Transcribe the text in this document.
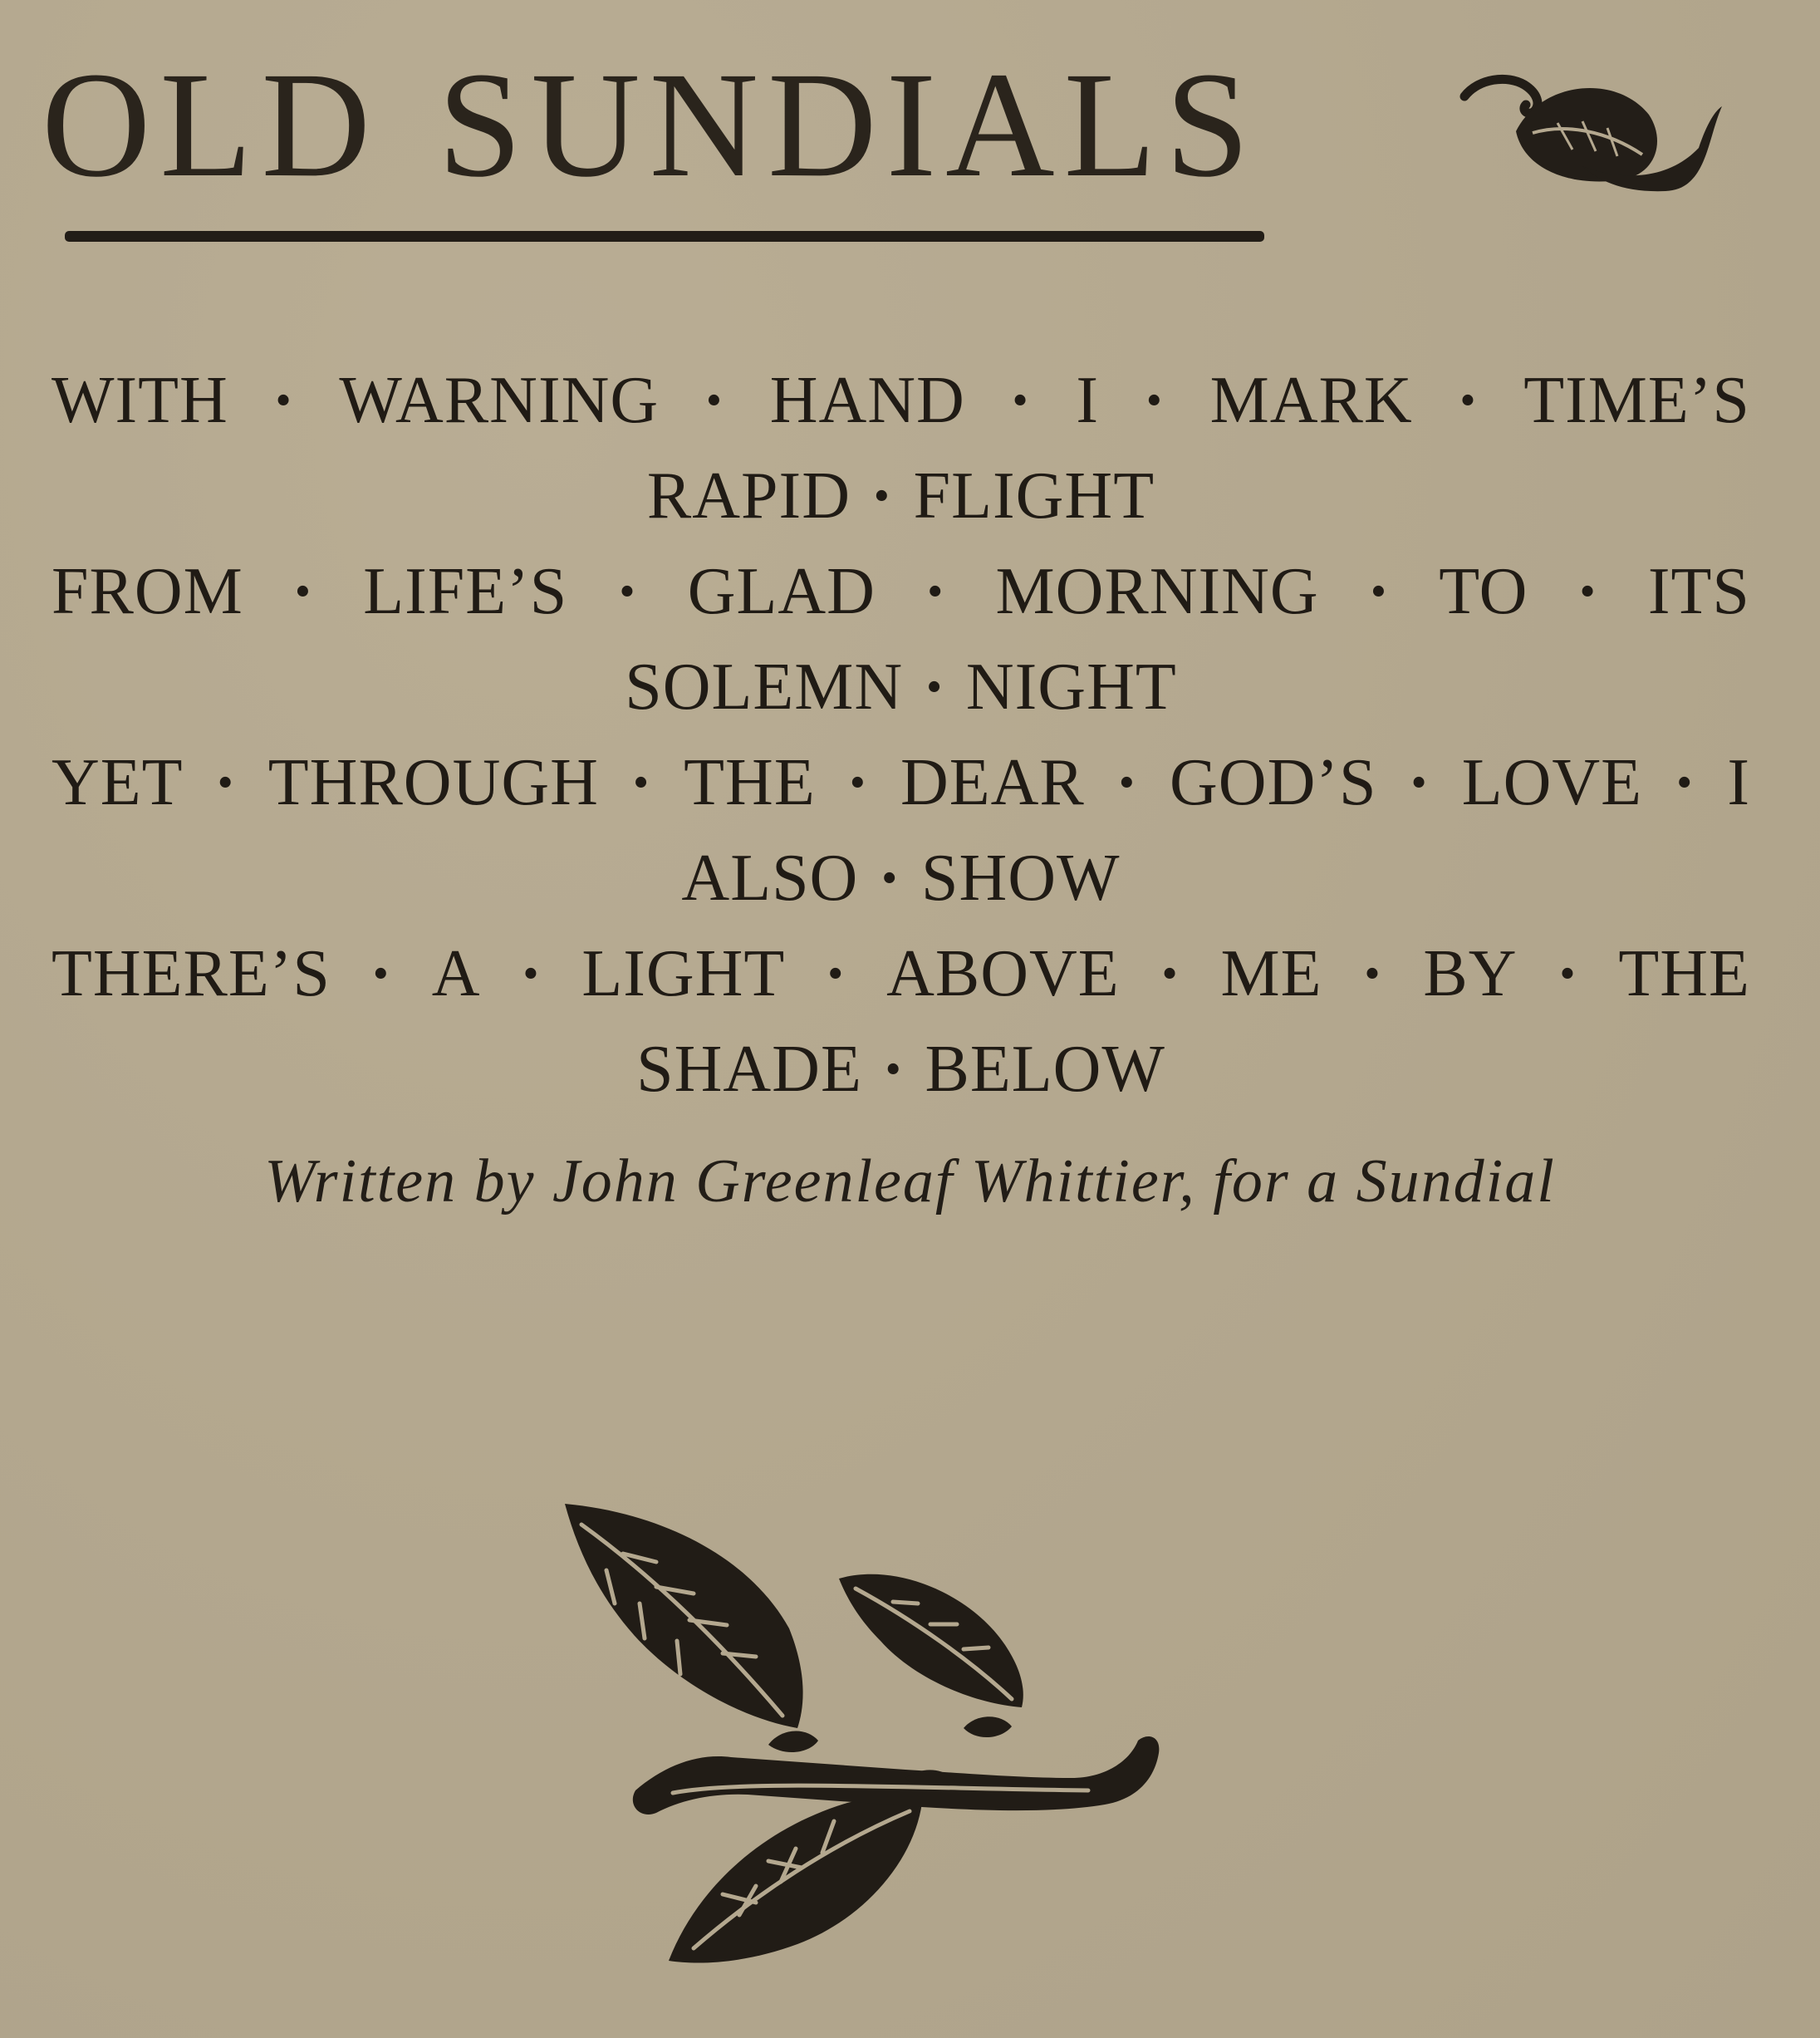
OLD SUNDIALS
WITH · WARNING · HAND · I · MARK · TIME’S
RAPID · FLIGHT
FROM · LIFE’S · GLAD · MORNING · TO · ITS
SOLEMN · NIGHT
YET · THROUGH · THE · DEAR · GOD’S · LOVE · I
ALSO · SHOW
THERE’S · A · LIGHT · ABOVE · ME · BY · THE
SHADE · BELOW
Written by John Greenleaf Whittier, for a Sundial
